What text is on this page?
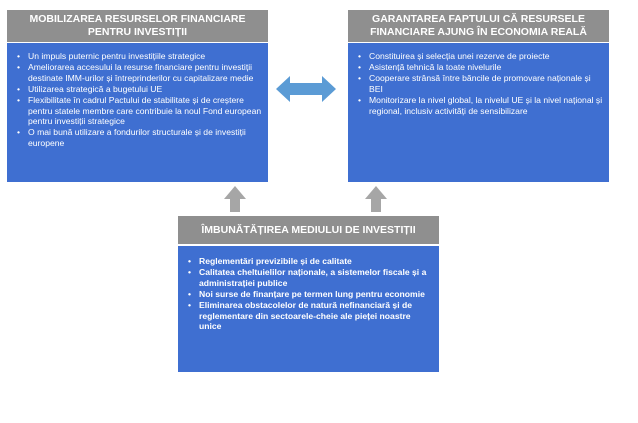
MOBILIZAREA RESURSELOR FINANCIARE PENTRU INVESTIȚII
• Un impuls puternic pentru investițiile strategice
• Ameliorarea accesului la resurse financiare pentru investiții destinate IMM-urilor și întreprinderilor cu capitalizare medie
• Utilizarea strategică a bugetului UE
• Flexibilitate în cadrul Pactului de stabilitate și de creștere pentru statele membre care contribuie la noul Fond european pentru investiții strategice
• O mai bună utilizare a fondurilor structurale și de investiții europene
GARANTAREA FAPTULUI CĂ RESURSELE FINANCIARE AJUNG ÎN ECONOMIA REALĂ
• Constituirea și selecția unei rezerve de proiecte
• Asistență tehnică la toate nivelurile
• Cooperare strânsă între băncile de promovare naționale și BEI
• Monitorizare la nivel global, la nivelul UE și la nivel național și regional, inclusiv activități de sensibilizare
ÎMBUNĂTĂȚIREA MEDIULUI DE INVESTIȚII
• Reglementări previzibile și de calitate
• Calitatea cheltuielilor naționale, a sistemelor fiscale și a administrației publice
• Noi surse de finanțare pe termen lung pentru economie
• Eliminarea obstacolelor de natură nefinanciară și de reglementare din sectoarele-cheie ale pieței noastre unice
